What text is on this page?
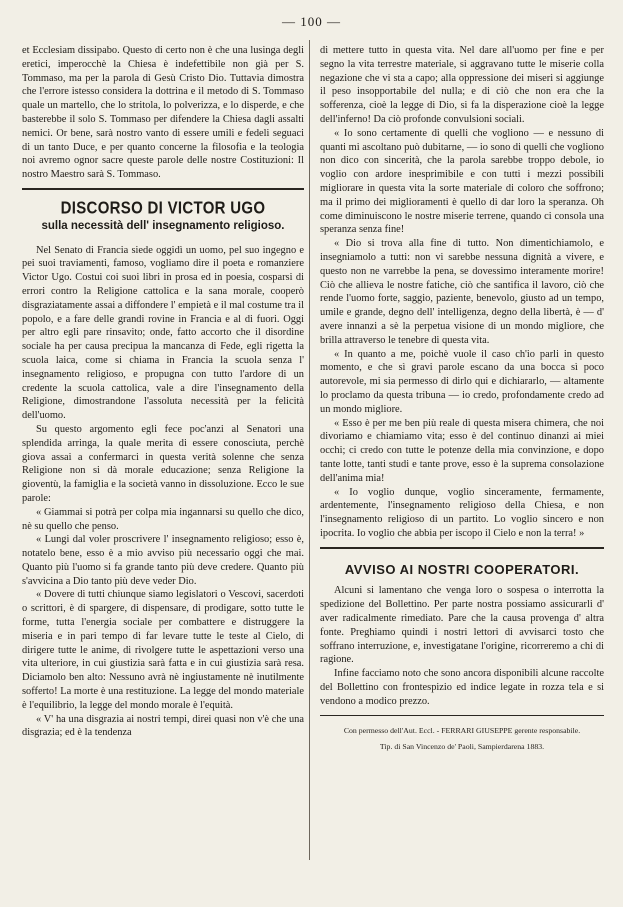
— 100 —

et Ecclesiam dissipabo. Questo di certo non è che una lusinga degli eretici, imperocchè la Chiesa è indefettibile non già per S. Tommaso, ma per la parola di Gesù Cristo Dio. Tuttavia dimostra che l'errore istesso considera la dottrina e il metodo di S. Tommaso quale un martello, che lo stritola, lo polverizza, e lo disperde, e che basterebbe il solo S. Tommaso per difendere la Chiesa dagli assalti nemici. Or bene, sarà nostro vanto di essere umili e fedeli seguaci di un tanto Duce, e per quanto concerne la filosofia e la teologia noi avremo ognor sacre queste parole delle nostre Costituzioni: Il nostro Maestro sarà S. Tommaso.

DISCORSO DI VICTOR UGO
sulla necessità dell' insegnamento religioso.

Nel Senato di Francia siede oggidì un uomo, pel suo ingegno e pei suoi traviamenti, famoso, vogliamo dire il poeta e romanziere Victor Ugo. Costui coi suoi libri in prosa ed in poesia, cosparsi di errori contro la Religione cattolica e la sana morale, cooperò disgraziatamente assai a diffondere l' empietà e il mal costume tra il popolo, e a fare delle grandi rovine in Francia e al di fuori. Oggi per altro egli pare rinsavito; onde, fatto accorto che il disordine sociale ha per causa precipua la mancanza di Fede, egli rigetta la scuola laica, come si chiama in Francia la scuola senza l' insegnamento religioso, e propugna con tutto l'ardore di un credente la scuola cattolica, vale a dire l'insegnamento della Religione, dimostrandone l'assoluta necessità per la felicità dell'uomo.

Su questo argomento egli fece poc'anzi al Senatori una splendida arringa, la quale merita di essere conosciuta, perchè giova assai a confermarci in questa verità solenne che senza Religione non si dà morale educazione; senza Religione la gioventù, la famiglia e la società vanno in dissoluzione. Ecco le sue parole:

« Giammai si potrà per colpa mia ingannarsi su quello che dico, nè su quello che penso.

« Lungi dal voler proscrivere l' insegnamento religioso; esso è, notatelo bene, esso è a mio avviso più necessario oggi che mai. Quanto più l'uomo si fa grande tanto più deve credere. Quanto più s'avvicina a Dio tanto più deve veder Dio.

« Dovere di tutti chiunque siamo legislatori o Vescovi, sacerdoti o scrittori, è di spargere, di dispensare, di prodigare, sotto tutte le forme, tutta l'energia sociale per combattere e distruggere la miseria e in pari tempo di far levare tutte le teste al Cielo, di dirigere tutte le anime, di rivolgere tutte le aspettazioni verso una vita ulteriore, in cui giustizia sarà fatta e in cui giustizia sarà resa. Diciamolo ben alto: Nessuno avrà nè ingiustamente nè inutilmente sofferto! La morte è una restituzione. La legge del mondo materiale è l'equilibrio, la legge del mondo morale è l'equità.

« V' ha una disgrazia ai nostri tempi, direi quasi non v'è che una disgrazia; ed è la tendenza

di mettere tutto in questa vita. Nel dare all'uomo per fine e per segno la vita terrestre materiale, si aggravano tutte le miserie colla negazione che vi sta a capo; alla oppressione dei miseri si aggiunge il peso insopportabile del nulla; e di ciò che non era che la sofferenza, cioè la legge di Dio, si fa la disperazione cioè la legge dell'inferno! Da ciò profonde convulsioni sociali.

« Io sono certamente di quelli che vogliono — e nessuno di quanti mi ascoltano può dubitarne, — io sono di quelli che vogliono non dico con sincerità, che la parola sarebbe troppo debole, io voglio con ardore inesprimibile e con tutti i mezzi possibili migliorare in questa vita la sorte materiale di coloro che soffrono; ma il primo dei miglioramenti è quello di dar loro la speranza. Oh come diminuiscono le nostre miserie terrene, quando ci consola una speranza senza fine!

« Dio si trova alla fine di tutto. Non dimentichiamolo, e insegniamolo a tutti: non vi sarebbe nessuna dignità a vivere, e questo non ne varrebbe la pena, se dovessimo interamente morire! Ciò che allieva le nostre fatiche, ciò che santifica il lavoro, ciò che rende l'uomo forte, saggio, paziente, benevolo, giusto ad un tempo, umile e grande, degno dell' intelligenza, degno della libertà, è — d' avere innanzi a sè la perpetua visione di un mondo migliore, che brilla attraverso le tenebre di questa vita.

« In quanto a me, poichè vuole il caso ch'io parli in questo momento, e che sì gravi parole escano da una bocca sì poco autorevole, mi sia permesso di dirlo qui e dichiararlo, — altamente lo proclamo da questa tribuna — io credo, profondamente credo ad un mondo migliore.

« Esso è per me ben più reale di questa misera chimera, che noi divoriamo e chiamiamo vita; esso è del continuo dinanzi ai miei occhi; ci credo con tutte le potenze della mia convinzione, e dopo tante lotte, tanti studi e tante prove, esso è la suprema consolazione dell'anima mia!

« Io voglio dunque, voglio sinceramente, fermamente, ardentemente, l'insegnamento religioso della Chiesa, e non l'insegnamento religioso di un partito. Lo voglio sincero e non ipocrita. Io voglio che abbia per iscopo il Cielo e non la terra! »

AVVISO AI NOSTRI COOPERATORI.

Alcuni si lamentano che venga loro o sospesa o interrotta la spedizione del Bollettino. Per parte nostra possiamo assicurarli d' aver radicalmente rimediato. Pare che la causa provenga d' altra fonte. Preghiamo quindi i nostri lettori di avvisarci tosto che soffrano interruzione, e, investigatane l'origine, ricorreremo a chi di ragione.

Infine facciamo noto che sono ancora disponibili alcune raccolte del Bollettino con frontespizio ed indice legate in rozza tela e si vendono a modico prezzo.

Con permesso dell'Aut. Eccl. - FERRARI GIUSEPPE gerente responsabile.
Tip. di San Vincenzo de' Paoli, Sampierdarena 1883.
